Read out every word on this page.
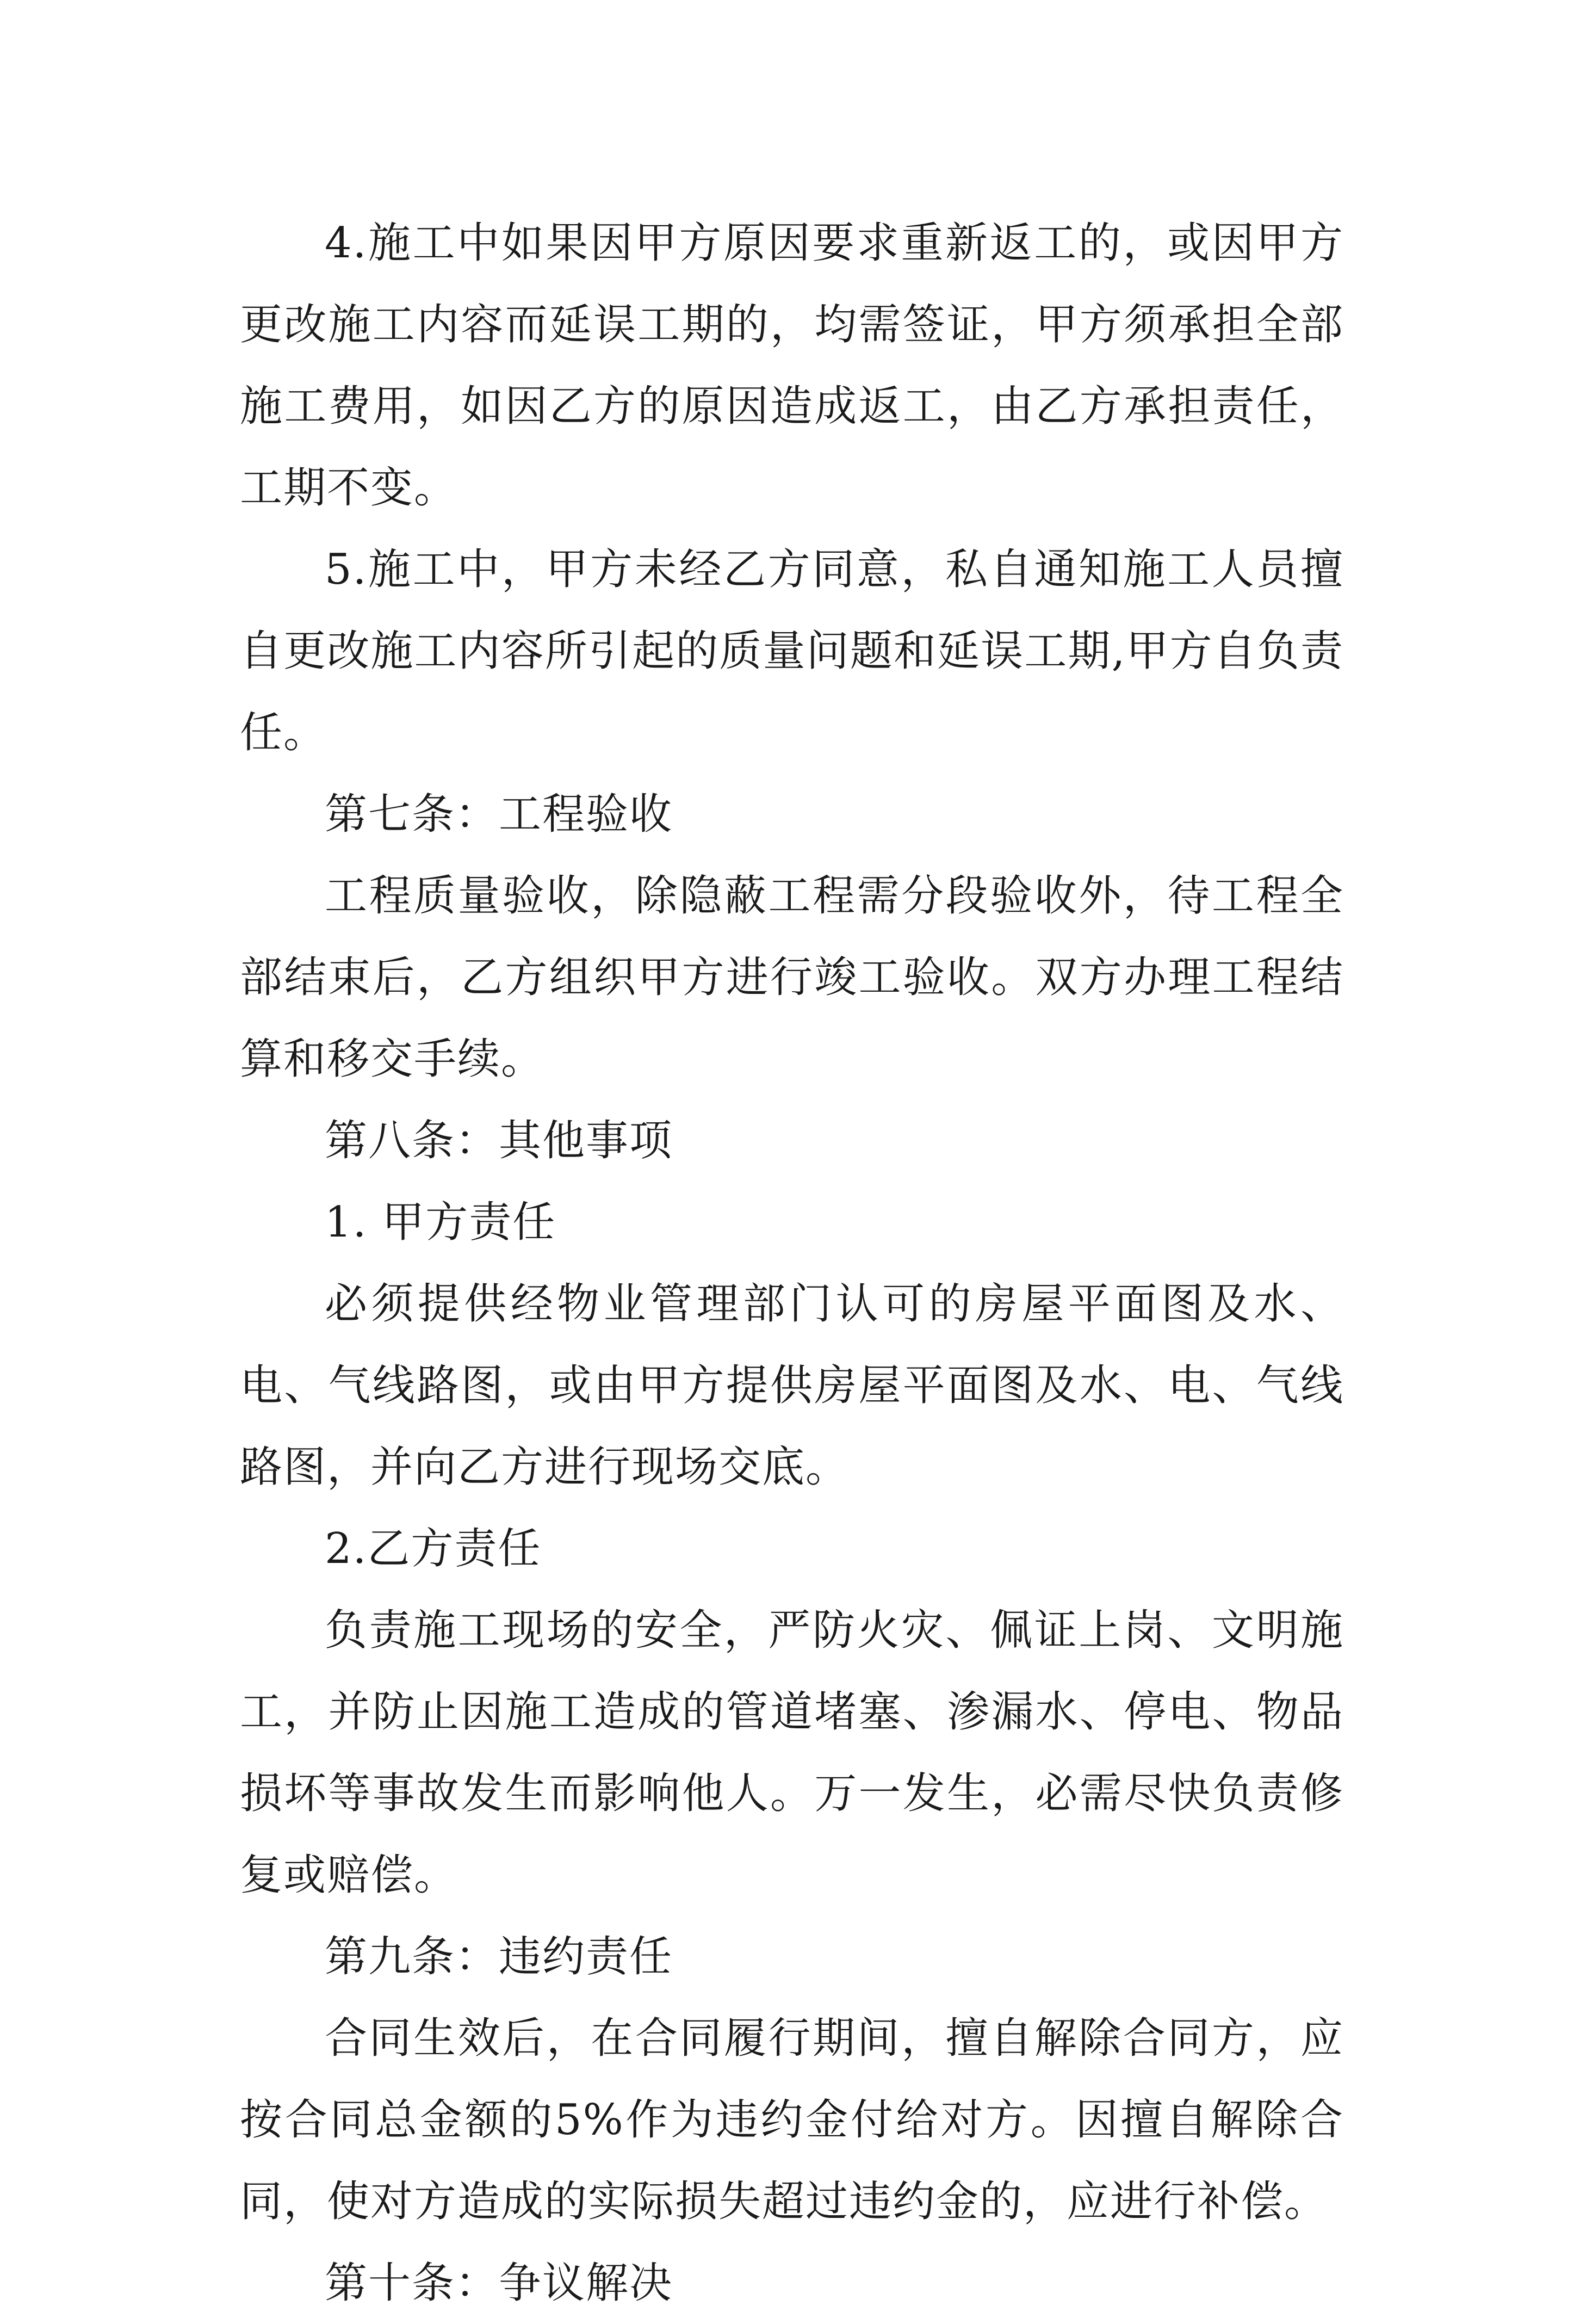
4.施工中如果因甲方原因要求重新返工的，或因甲方更改施工内容而延误工期的，均需签证，甲方须承担全部施工费用，如因乙方的原因造成返工，由乙方承担责任，工期不变。

5.施工中，甲方未经乙方同意，私自通知施工人员擅自更改施工内容所引起的质量问题和延误工期,甲方自负责任。

第七条：工程验收

工程质量验收，除隐蔽工程需分段验收外，待工程全部结束后，乙方组织甲方进行竣工验收。双方办理工程结算和移交手续。

第八条：其他事项

1. 甲方责任

必须提供经物业管理部门认可的房屋平面图及水、电、气线路图，或由甲方提供房屋平面图及水、电、气线路图，并向乙方进行现场交底。

2.乙方责任

负责施工现场的安全，严防火灾、佩证上岗、文明施工，并防止因施工造成的管道堵塞、渗漏水、停电、物品损坏等事故发生而影响他人。万一发生，必需尽快负责修复或赔偿。

第九条：违约责任

合同生效后，在合同履行期间，擅自解除合同方，应按合同总金额的5%作为违约金付给对方。因擅自解除合同，使对方造成的实际损失超过违约金的，应进行补偿。

第十条：争议解决
